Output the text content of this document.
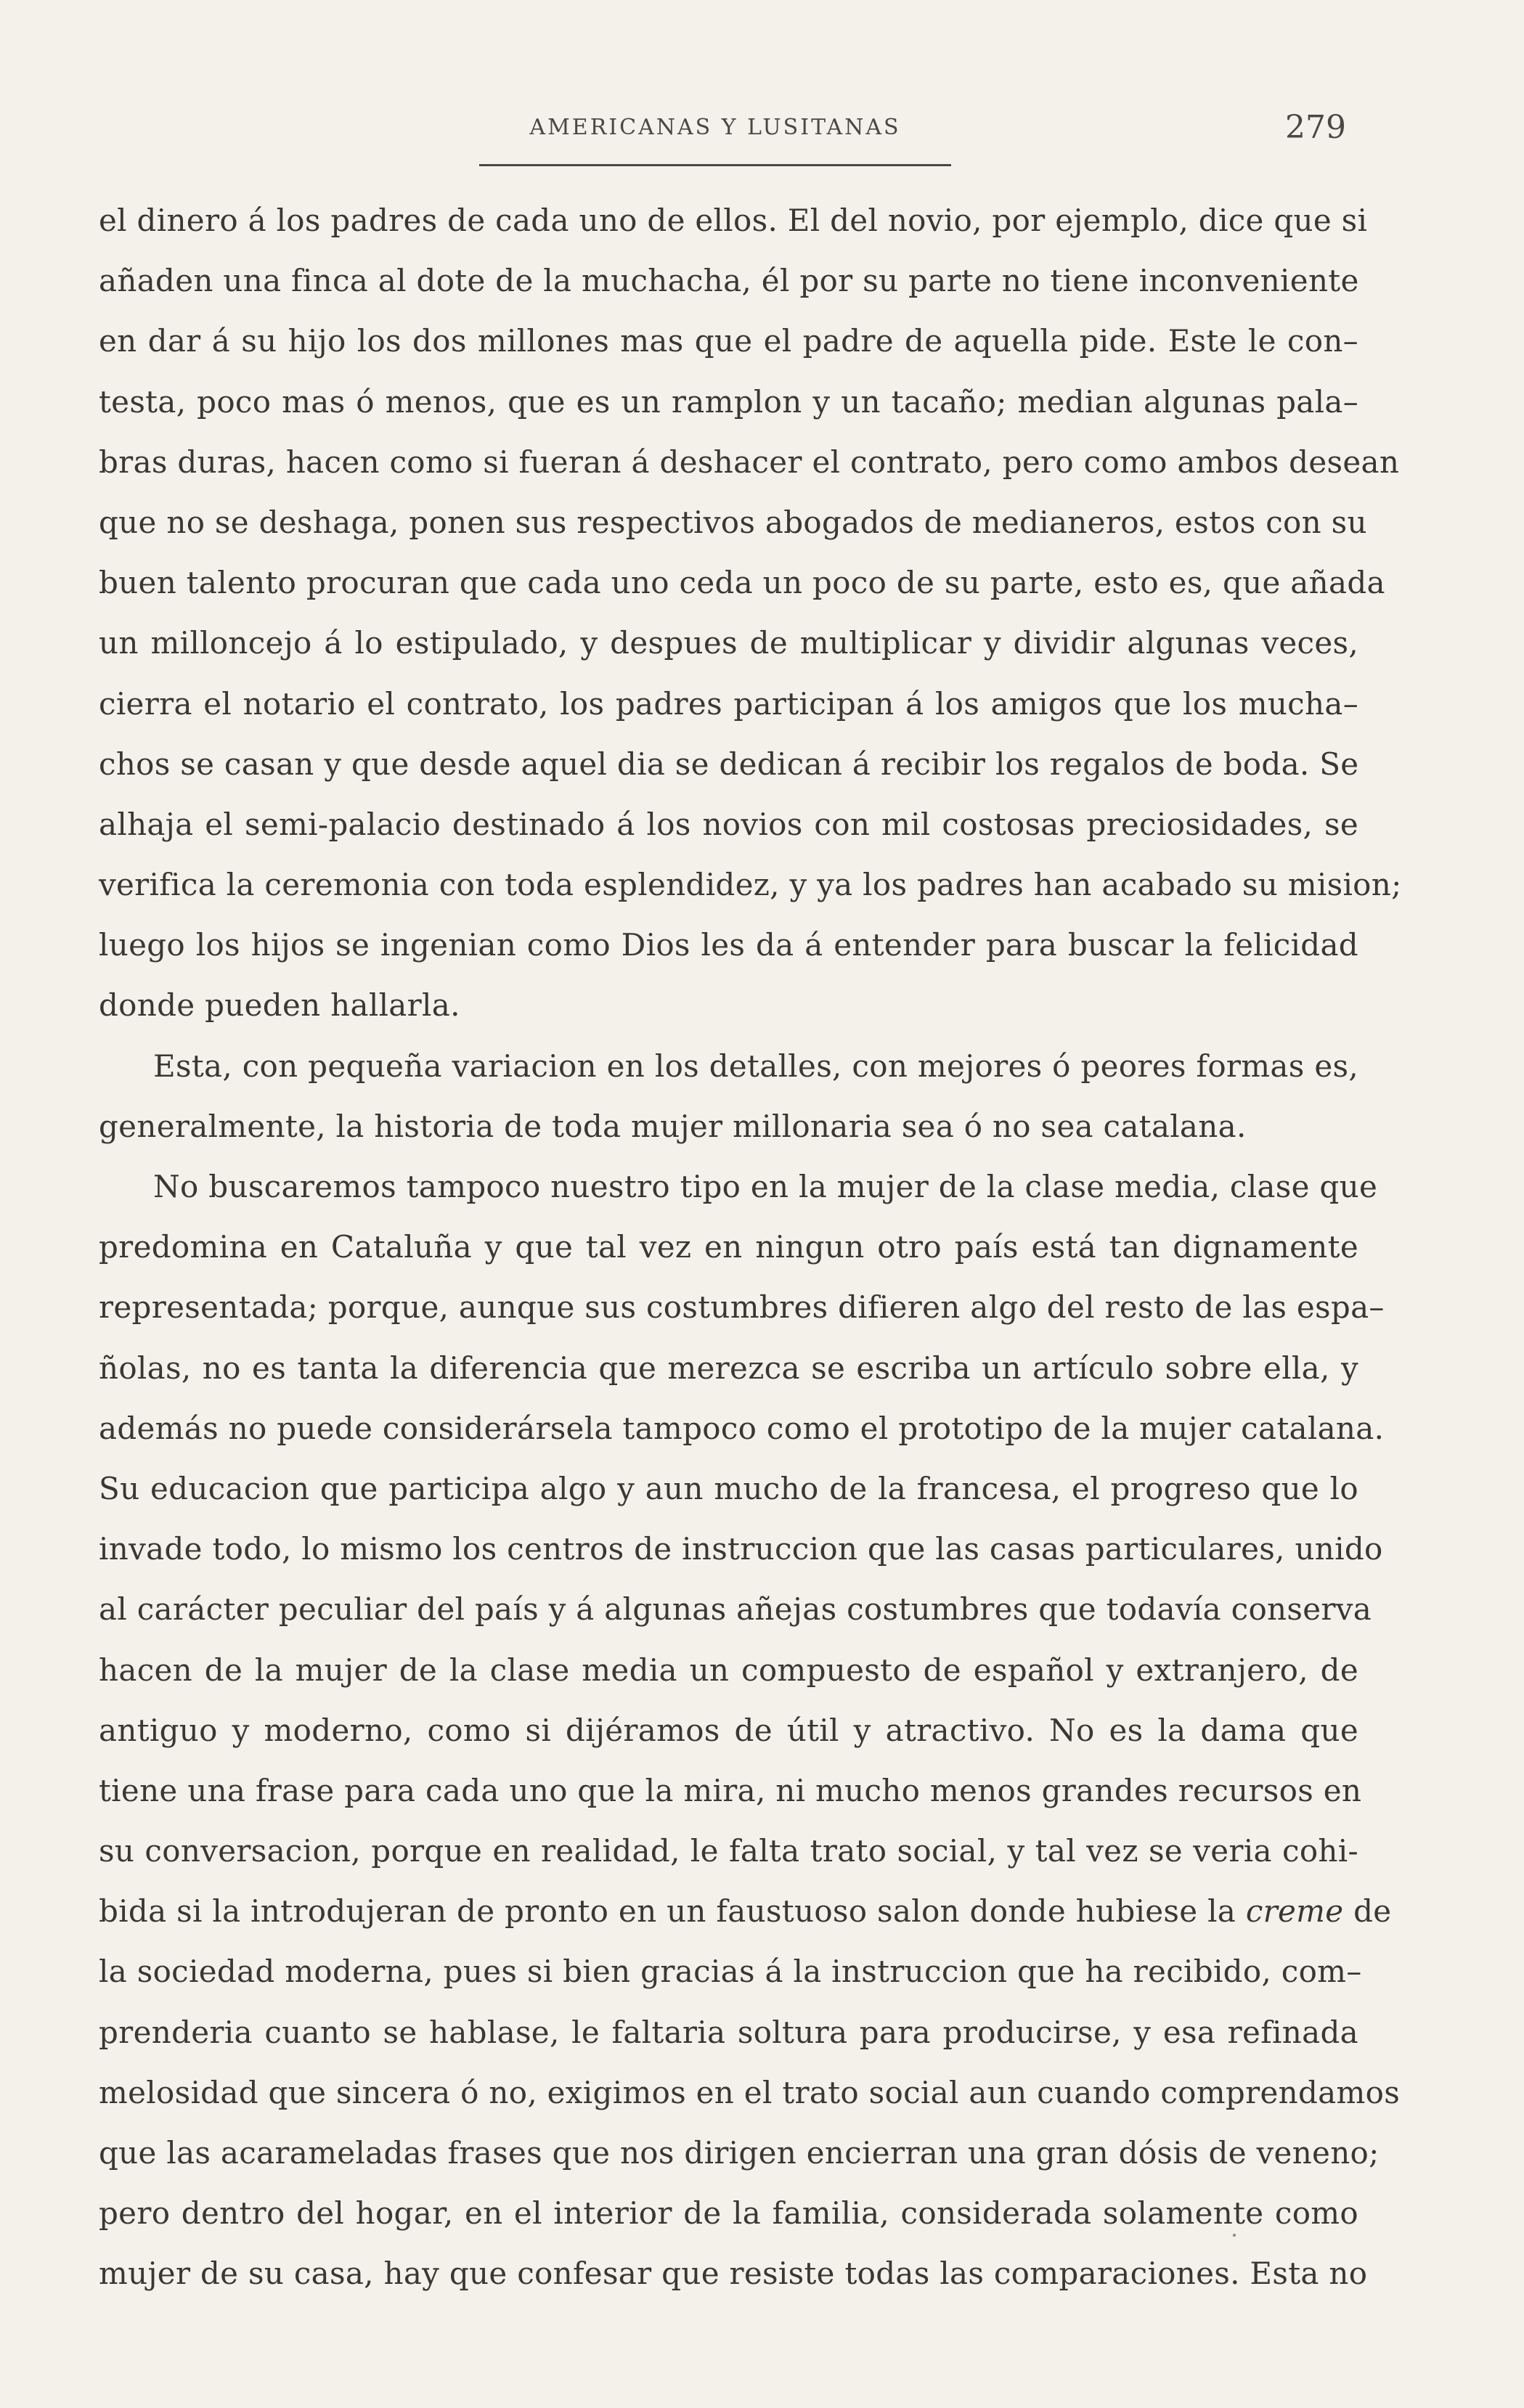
AMERICANAS Y LUSITANAS	279
el dinero á los padres de cada uno de ellos. El del novio, por ejemplo, dice que si
añaden una finca al dote de la muchacha, él por su parte no tiene inconveniente
en dar á su hijo los dos millones mas que el padre de aquella pide. Este le con–
testa, poco mas ó menos, que es un ramplon y un tacaño; median algunas pala–
bras duras, hacen como si fueran á deshacer el contrato, pero como ambos desean
que no se deshaga, ponen sus respectivos abogados de medianeros, estos con su
buen talento procuran que cada uno ceda un poco de su parte, esto es, que añada
un milloncejo á lo estipulado, y despues de multiplicar y dividir algunas veces,
cierra el notario el contrato, los padres participan á los amigos que los mucha–
chos se casan y que desde aquel dia se dedican á recibir los regalos de boda. Se
alhaja el semi-palacio destinado á los novios con mil costosas preciosidades, se
verifica la ceremonia con toda esplendidez, y ya los padres han acabado su mision;
luego los hijos se ingenian como Dios les da á entender para buscar la felicidad
donde pueden hallarla.
Esta, con pequeña variacion en los detalles, con mejores ó peores formas es,
generalmente, la historia de toda mujer millonaria sea ó no sea catalana.
No buscaremos tampoco nuestro tipo en la mujer de la clase media, clase que
predomina en Cataluña y que tal vez en ningun otro país está tan dignamente
representada; porque, aunque sus costumbres difieren algo del resto de las espa–
ñolas, no es tanta la diferencia que merezca se escriba un artículo sobre ella, y
además no puede considerársela tampoco como el prototipo de la mujer catalana.
Su educacion que participa algo y aun mucho de la francesa, el progreso que lo
invade todo, lo mismo los centros de instruccion que las casas particulares, unido
al carácter peculiar del país y á algunas añejas costumbres que todavía conserva
hacen de la mujer de la clase media un compuesto de español y extranjero, de
antiguo y moderno, como si dijéramos de útil y atractivo. No es la dama que
tiene una frase para cada uno que la mira, ni mucho menos grandes recursos en
su conversacion, porque en realidad, le falta trato social, y tal vez se veria cohi-
bida si la introdujeran de pronto en un faustuoso salon donde hubiese la creme de
la sociedad moderna, pues si bien gracias á la instruccion que ha recibido, com–
prenderia cuanto se hablase, le faltaria soltura para producirse, y esa refinada
melosidad que sincera ó no, exigimos en el trato social aun cuando comprendamos
que las acarameladas frases que nos dirigen encierran una gran dósis de veneno;
pero dentro del hogar, en el interior de la familia, considerada solamente como
mujer de su casa, hay que confesar que resiste todas las comparaciones. Esta no
